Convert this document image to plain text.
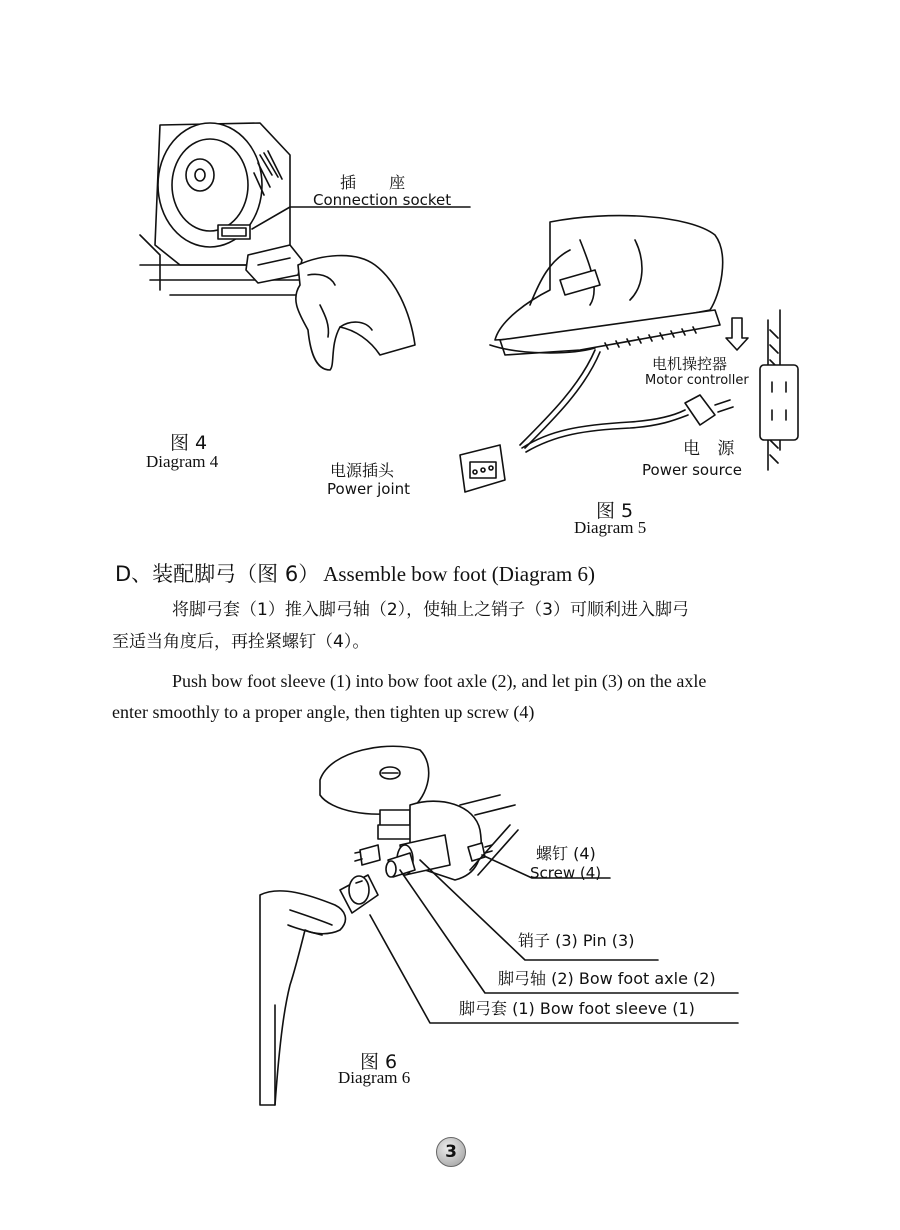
插 座
Connection socket
图 4
Diagram 4
电机操控器
Motor controller
电 源
Power source
电源插头
Power joint
图 5
Diagram 5
D、装配脚弓（图 6） Assemble bow foot (Diagram 6)
将脚弓套（1）推入脚弓轴（2），使轴上之销子（3）可顺利进入脚弓
至适当角度后，再拴紧螺钉（4）。
Push bow foot sleeve (1) into bow foot axle (2), and let pin (3) on the axle
enter smoothly to a proper angle, then tighten up screw (4)
螺钉 (4)
Screw (4)
销子 (3) Pin (3)
脚弓轴 (2) Bow foot axle (2)
脚弓套 (1) Bow foot sleeve (1)
图 6
Diagram 6
3
